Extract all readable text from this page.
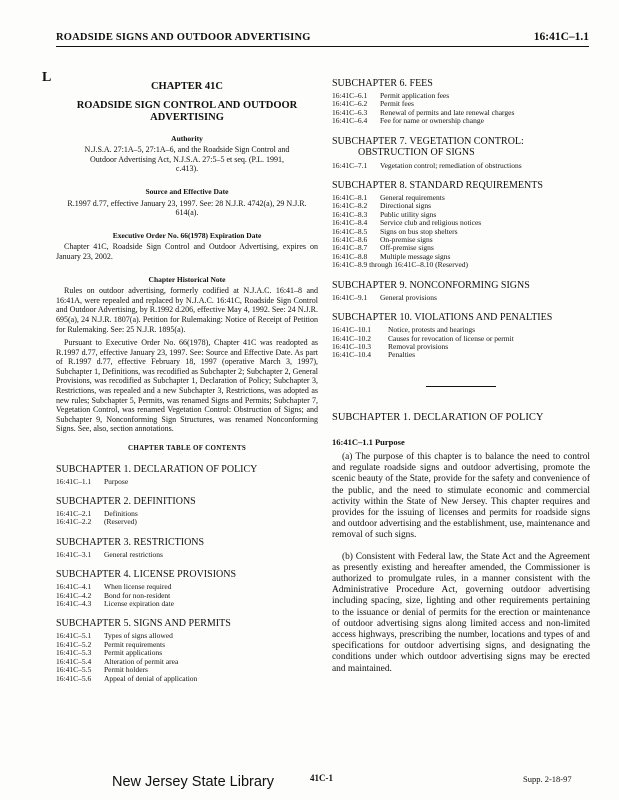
ROADSIDE SIGNS AND OUTDOOR ADVERTISING	16:41C–1.1
L
CHAPTER 41C
ROADSIDE SIGN CONTROL AND OUTDOOR ADVERTISING
Authority
N.J.S.A. 27:1A–5, 27:1A–6, and the Roadside Sign Control and Outdoor Advertising Act, N.J.S.A. 27:5–5 et seq. (P.L. 1991, c.413).
Source and Effective Date
R.1997 d.77, effective January 23, 1997. See: 28 N.J.R. 4742(a), 29 N.J.R. 614(a).
Executive Order No. 66(1978) Expiration Date
Chapter 41C, Roadside Sign Control and Outdoor Advertising, expires on January 23, 2002.
Chapter Historical Note
Rules on outdoor advertising, formerly codified at N.J.A.C. 16:41–8 and 16:41A, were repealed and replaced by N.J.A.C. 16:41C, Roadside Sign Control and Outdoor Advertising, by R.1992 d.206, effective May 4, 1992. See: 24 N.J.R. 695(a), 24 N.J.R. 1807(a). Petition for Rulemaking: Notice of Receipt of Petition for Rulemaking. See: 25 N.J.R. 1895(a).
Pursuant to Executive Order No. 66(1978), Chapter 41C was readopted as R.1997 d.77, effective January 23, 1997. See: Source and Effective Date. As part of R.1997 d.77, effective February 18, 1997 (operative March 3, 1997), Subchapter 1, Definitions, was recodified as Subchapter 2; Subchapter 2, General Provisions, was recodified as Subchapter 1, Declaration of Policy; Subchapter 3, Restrictions, was repealed and a new Subchapter 3, Restrictions, was adopted as new rules; Subchapter 5, Permits, was renamed Signs and Permits; Subchapter 7, Vegetation Control, was renamed Vegetation Control: Obstruction of Signs; and Subchapter 9, Nonconforming Sign Structures, was renamed Nonconforming Signs. See, also, section annotations.
CHAPTER TABLE OF CONTENTS
SUBCHAPTER 1. DECLARATION OF POLICY
16:41C–1.1	Purpose
SUBCHAPTER 2. DEFINITIONS
16:41C–2.1	Definitions
16:41C–2.2	(Reserved)
SUBCHAPTER 3. RESTRICTIONS
16:41C–3.1	General restrictions
SUBCHAPTER 4. LICENSE PROVISIONS
16:41C–4.1	When license required
16:41C–4.2	Bond for non-resident
16:41C–4.3	License expiration date
SUBCHAPTER 5. SIGNS AND PERMITS
16:41C–5.1	Types of signs allowed
16:41C–5.2	Permit requirements
16:41C–5.3	Permit applications
16:41C–5.4	Alteration of permit area
16:41C–5.5	Permit holders
16:41C–5.6	Appeal of denial of application
SUBCHAPTER 6. FEES
16:41C–6.1	Permit application fees
16:41C–6.2	Permit fees
16:41C–6.3	Renewal of permits and late renewal charges
16:41C–6.4	Fee for name or ownership change
SUBCHAPTER 7. VEGETATION CONTROL:
OBSTRUCTION OF SIGNS
16:41C–7.1	Vegetation control; remediation of obstructions
SUBCHAPTER 8. STANDARD REQUIREMENTS
16:41C–8.1	General requirements
16:41C–8.2	Directional signs
16:41C–8.3	Public utility signs
16:41C–8.4	Service club and religious notices
16:41C–8.5	Signs on bus stop shelters
16:41C–8.6	On-premise signs
16:41C–8.7	Off-premise signs
16:41C–8.8	Multiple message signs
16:41C–8.9 through 16:41C–8.10 (Reserved)
SUBCHAPTER 9. NONCONFORMING SIGNS
16:41C–9.1	General provisions
SUBCHAPTER 10. VIOLATIONS AND PENALTIES
16:41C–10.1	Notice, protests and hearings
16:41C–10.2	Causes for revocation of license or permit
16:41C–10.3	Removal provisions
16:41C–10.4	Penalties
SUBCHAPTER 1. DECLARATION OF POLICY
16:41C–1.1 Purpose
(a) The purpose of this chapter is to balance the need to control and regulate roadside signs and outdoor advertising, promote the scenic beauty of the State, provide for the safety and convenience of the public, and the need to stimulate economic and commercial activity within the State of New Jersey. This chapter requires and provides for the issuing of licenses and permits for roadside signs and outdoor advertising and the establishment, use, maintenance and removal of such signs.
(b) Consistent with Federal law, the State Act and the Agreement as presently existing and hereafter amended, the Commissioner is authorized to promulgate rules, in a manner consistent with the Administrative Procedure Act, governing outdoor advertising including spacing, size, lighting and other requirements pertaining to the issuance or denial of permits for the erection or maintenance of outdoor advertising signs along limited access and non-limited access highways, prescribing the number, locations and types of and specifications for outdoor advertising signs, and designating the conditions under which outdoor advertising signs may be erected and maintained.
New Jersey State Library	41C-1	Supp. 2-18-97
